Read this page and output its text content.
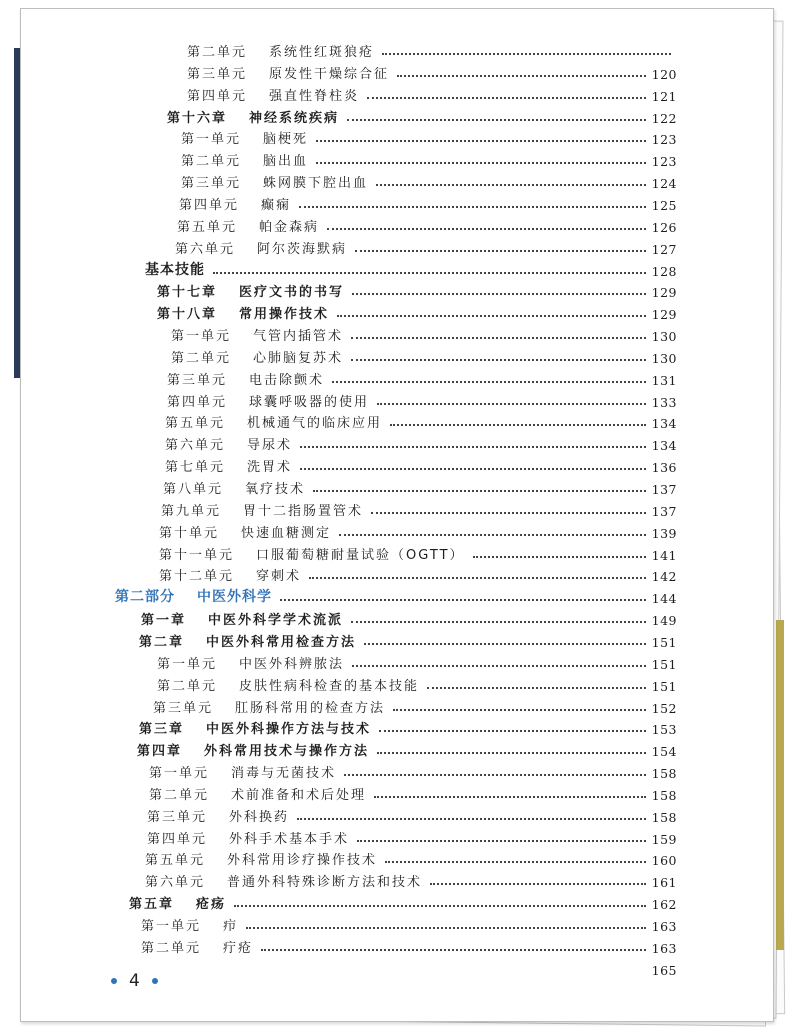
第二单元 系统性红斑狼疮
第三单元 原发性干燥综合征	120
第四单元 强直性脊柱炎	121
第十六章 神经系统疾病	122
第一单元 脑梗死	123
第二单元 脑出血	123
第三单元 蛛网膜下腔出血	124
第四单元 癫痫	125
第五单元 帕金森病	126
第六单元 阿尔茨海默病	127
基本技能	128
第十七章 医疗文书的书写	129
第十八章 常用操作技术	129
第一单元 气管内插管术	130
第二单元 心肺脑复苏术	130
第三单元 电击除颤术	131
第四单元 球囊呼吸器的使用	133
第五单元 机械通气的临床应用	134
第六单元 导尿术	134
第七单元 洗胃术	136
第八单元 氧疗技术	137
第九单元 胃十二指肠置管术	137
第十单元 快速血糖测定	139
第十一单元 口服葡萄糖耐量试验（OGTT）	141
第十二单元 穿刺术	142
第二部分 中医外科学	144
第一章 中医外科学学术流派	149
第二章 中医外科常用检查方法	151
第一单元 中医外科辨脓法	151
第二单元 皮肤性病科检查的基本技能	151
第三单元 肛肠科常用的检查方法	152
第三章 中医外科操作方法与技术	153
第四章 外科常用技术与操作方法	154
第一单元 消毒与无菌技术	158
第二单元 术前准备和术后处理	158
第三单元 外科换药	158
第四单元 外科手术基本手术	159
第五单元 外科常用诊疗操作技术	160
第六单元 普通外科特殊诊断方法和技术	161
第五章 疮疡	162
第一单元 疖	163
第二单元 疔疮	163
165
4
